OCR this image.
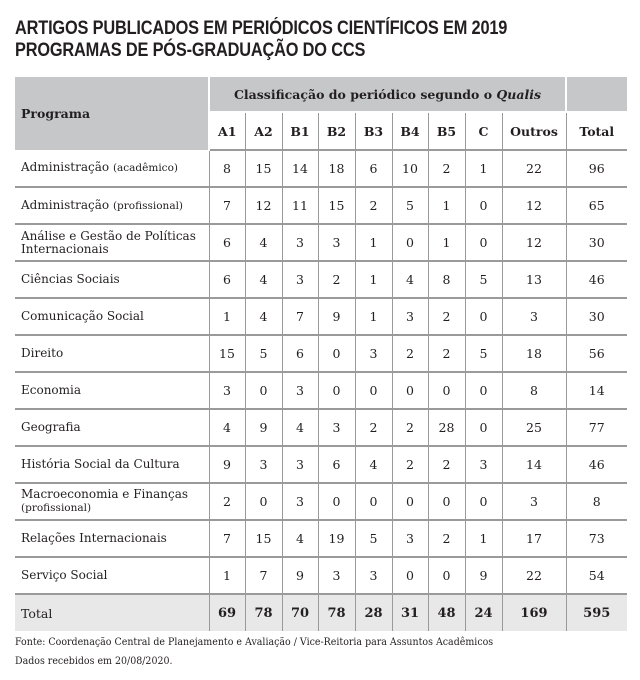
ARTIGOS PUBLICADOS EM PERIÓDICOS CIENTÍFICOS EM 2019
PROGRAMAS DE PÓS-GRADUAÇÃO DO CCS
Programa	Classificação do periódico segundo o Qualis									
	A1	A2	B1	B2	B3	B4	B5	C	Outros	Total
Administração (acadêmico)	8	15	14	18	6	10	2	1	22	96
Administração (profissional)	7	12	11	15	2	5	1	0	12	65
Análise e Gestão de Políticas Internacionais	6	4	3	3	1	0	1	0	12	30
Ciências Sociais	6	4	3	2	1	4	8	5	13	46
Comunicação Social	1	4	7	9	1	3	2	0	3	30
Direito	15	5	6	0	3	2	2	5	18	56
Economia	3	0	3	0	0	0	0	0	8	14
Geografia	4	9	4	3	2	2	28	0	25	77
História Social da Cultura	9	3	3	6	4	2	2	3	14	46
Macroeconomia e Finanças
(profissional)	2	0	3	0	0	0	0	0	3	8
Relações Internacionais	7	15	4	19	5	3	2	1	17	73
Serviço Social	1	7	9	3	3	0	0	9	22	54
Total	69	78	70	78	28	31	48	24	169	595
Fonte: Coordenação Central de Planejamento e Avaliação / Vice-Reitoria para Assuntos Acadêmicos
Dados recebidos em 20/08/2020.
